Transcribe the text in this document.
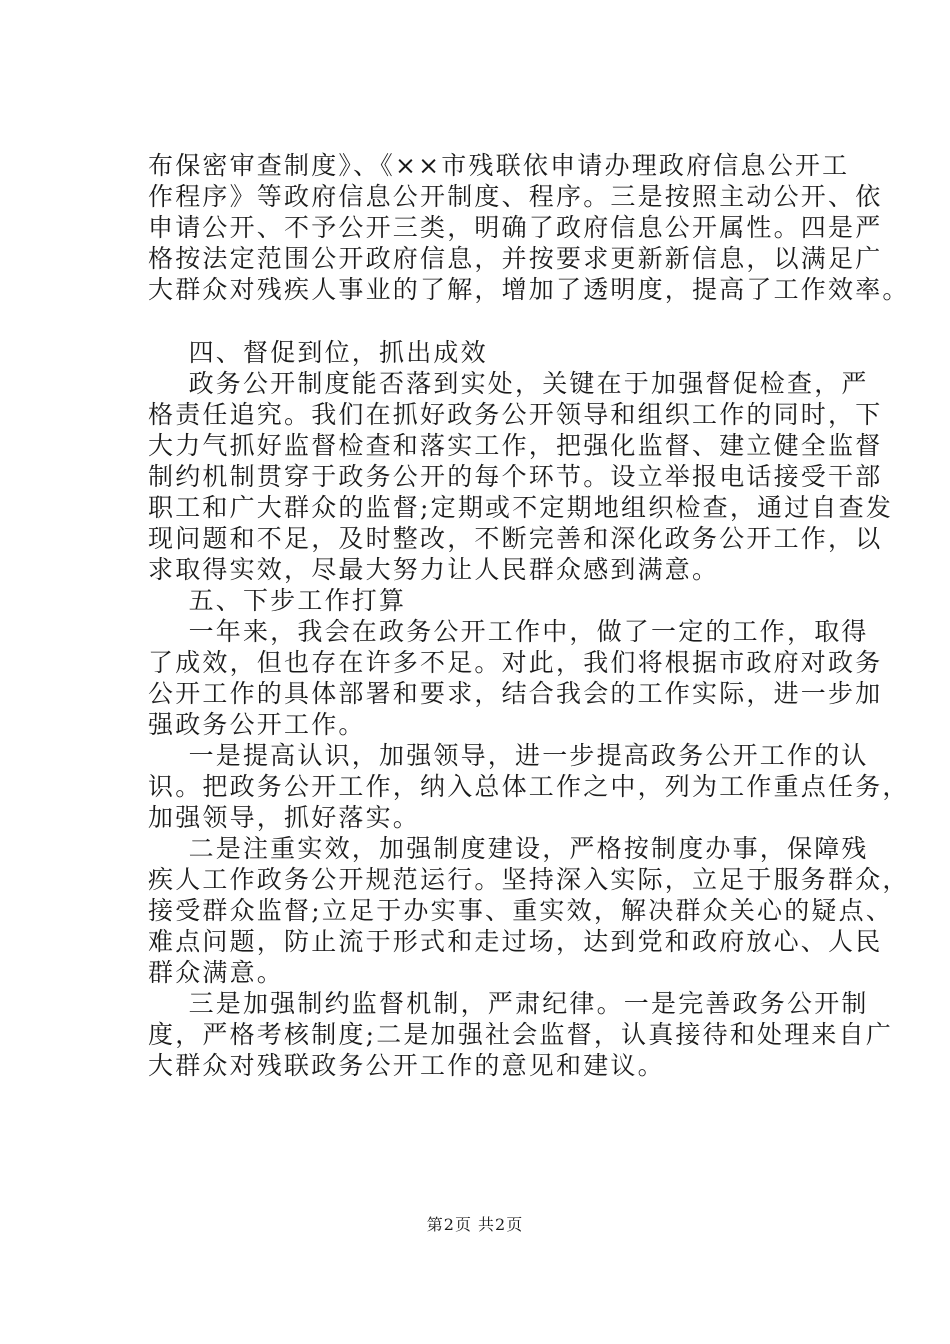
布保密审查制度》、《××市残联依申请办理政府信息公开工
作程序》等政府信息公开制度、程序。三是按照主动公开、依
申请公开、不予公开三类，明确了政府信息公开属性。四是严
格按法定范围公开政府信息，并按要求更新新信息，以满足广
大群众对残疾人事业的了解，增加了透明度，提高了工作效率。
四、督促到位，抓出成效
政务公开制度能否落到实处，关键在于加强督促检查，严
格责任追究。我们在抓好政务公开领导和组织工作的同时，下
大力气抓好监督检查和落实工作，把强化监督、建立健全监督
制约机制贯穿于政务公开的每个环节。设立举报电话接受干部
职工和广大群众的监督;定期或不定期地组织检查，通过自查发
现问题和不足，及时整改，不断完善和深化政务公开工作，以
求取得实效，尽最大努力让人民群众感到满意。
五、下步工作打算
一年来，我会在政务公开工作中，做了一定的工作，取得
了成效，但也存在许多不足。对此，我们将根据市政府对政务
公开工作的具体部署和要求，结合我会的工作实际，进一步加
强政务公开工作。
一是提高认识，加强领导，进一步提高政务公开工作的认
识。把政务公开工作，纳入总体工作之中，列为工作重点任务，
加强领导，抓好落实。
二是注重实效，加强制度建设，严格按制度办事，保障残
疾人工作政务公开规范运行。坚持深入实际，立足于服务群众，
接受群众监督;立足于办实事、重实效，解决群众关心的疑点、
难点问题，防止流于形式和走过场，达到党和政府放心、人民
群众满意。
三是加强制约监督机制，严肃纪律。一是完善政务公开制
度，严格考核制度;二是加强社会监督，认真接待和处理来自广
大群众对残联政务公开工作的意见和建议。
第2页 共2页
